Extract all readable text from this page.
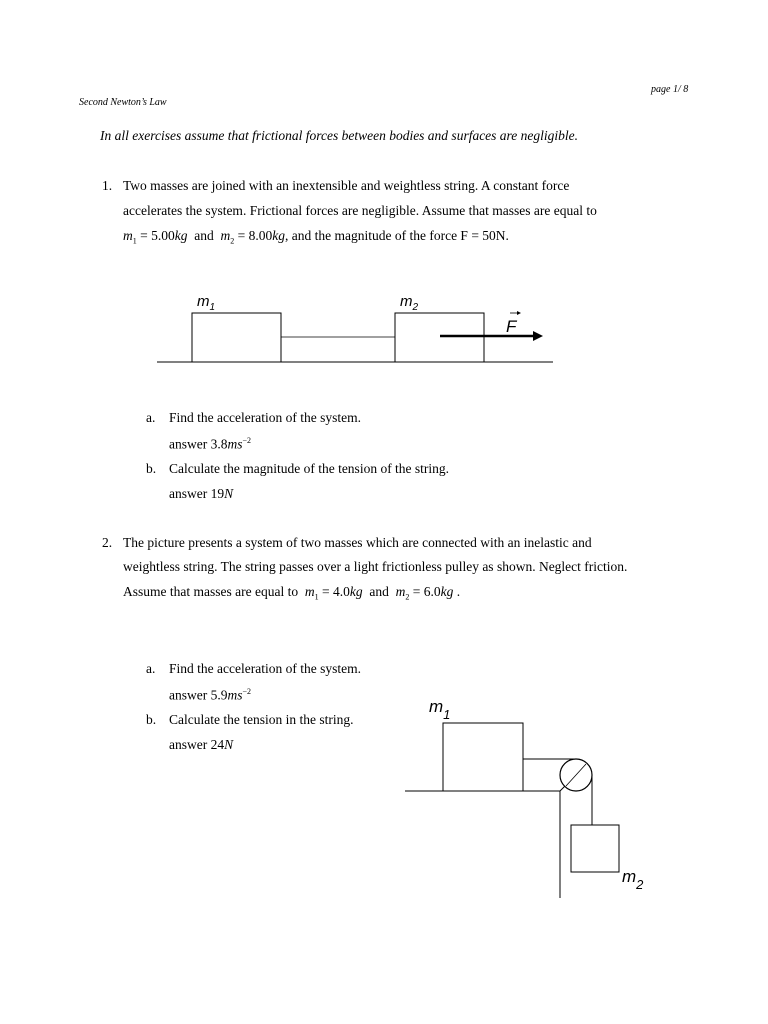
page 1/ 8
Second Newton’s Law
In all exercises assume that frictional forces between bodies and surfaces are negligible.
1. Two masses are joined with an inextensible and weightless string. A constant force
accelerates the system. Frictional forces are negligible. Assume that masses are equal to
$m_1 = 5.00kg$ and $m_2 = 8.00kg$, and the magnitude of the force F = 50N.
$m_1$	$m_2$
F
a. Find the acceleration of the system.
answer $3.8ms^{-2}$
b. Calculate the magnitude of the tension of the string.
answer 19N
2. The picture presents a system of two masses which are connected with an inelastic and
weightless string. The string passes over a light frictionless pulley as shown. Neglect friction.
Assume that masses are equal to $m_1 = 4.0kg$ and $m_2 = 6.0kg$ .
a. Find the acceleration of the system.
answer $5.9ms^{-2}$
b. Calculate the tension in the string.
answer 24N
$m_1$
$m_2$
